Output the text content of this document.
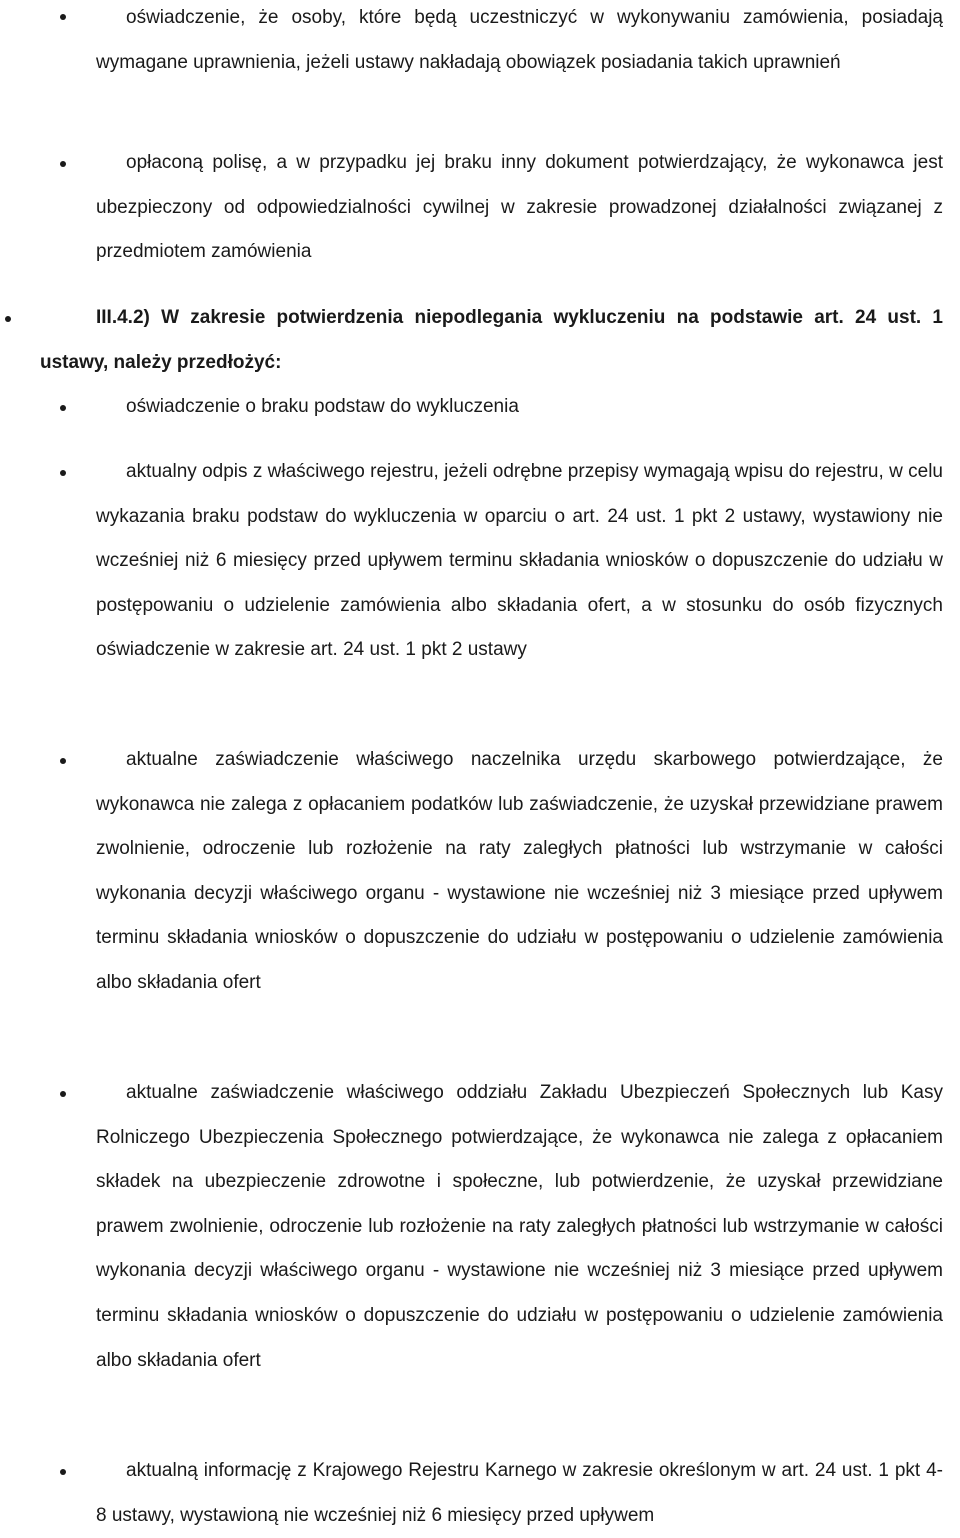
oświadczenie, że osoby, które będą uczestniczyć w wykonywaniu zamówienia, posiadają wymagane uprawnienia, jeżeli ustawy nakładają obowiązek posiadania takich uprawnień

opłaconą polisę, a w przypadku jej braku inny dokument potwierdzający, że wykonawca jest ubezpieczony od odpowiedzialności cywilnej w zakresie prowadzonej działalności związanej z przedmiotem zamówienia

III.4.2) W zakresie potwierdzenia niepodlegania wykluczeniu na podstawie art. 24 ust. 1 ustawy, należy przedłożyć:

oświadczenie o braku podstaw do wykluczenia

aktualny odpis z właściwego rejestru, jeżeli odrębne przepisy wymagają wpisu do rejestru, w celu wykazania braku podstaw do wykluczenia w oparciu o art. 24 ust. 1 pkt 2 ustawy, wystawiony nie wcześniej niż 6 miesięcy przed upływem terminu składania wniosków o dopuszczenie do udziału w postępowaniu o udzielenie zamówienia albo składania ofert, a w stosunku do osób fizycznych oświadczenie w zakresie art. 24 ust. 1 pkt 2 ustawy

aktualne zaświadczenie właściwego naczelnika urzędu skarbowego potwierdzające, że wykonawca nie zalega z opłacaniem podatków lub zaświadczenie, że uzyskał przewidziane prawem zwolnienie, odroczenie lub rozłożenie na raty zaległych płatności lub wstrzymanie w całości wykonania decyzji właściwego organu - wystawione nie wcześniej niż 3 miesiące przed upływem terminu składania wniosków o dopuszczenie do udziału w postępowaniu o udzielenie zamówienia albo składania ofert

aktualne zaświadczenie właściwego oddziału Zakładu Ubezpieczeń Społecznych lub Kasy Rolniczego Ubezpieczenia Społecznego potwierdzające, że wykonawca nie zalega z opłacaniem składek na ubezpieczenie zdrowotne i społeczne, lub potwierdzenie, że uzyskał przewidziane prawem zwolnienie, odroczenie lub rozłożenie na raty zaległych płatności lub wstrzymanie w całości wykonania decyzji właściwego organu - wystawione nie wcześniej niż 3 miesiące przed upływem terminu składania wniosków o dopuszczenie do udziału w postępowaniu o udzielenie zamówienia albo składania ofert

aktualną informację z Krajowego Rejestru Karnego w zakresie określonym w art. 24 ust. 1 pkt 4-8 ustawy, wystawioną nie wcześniej niż 6 miesięcy przed upływem
